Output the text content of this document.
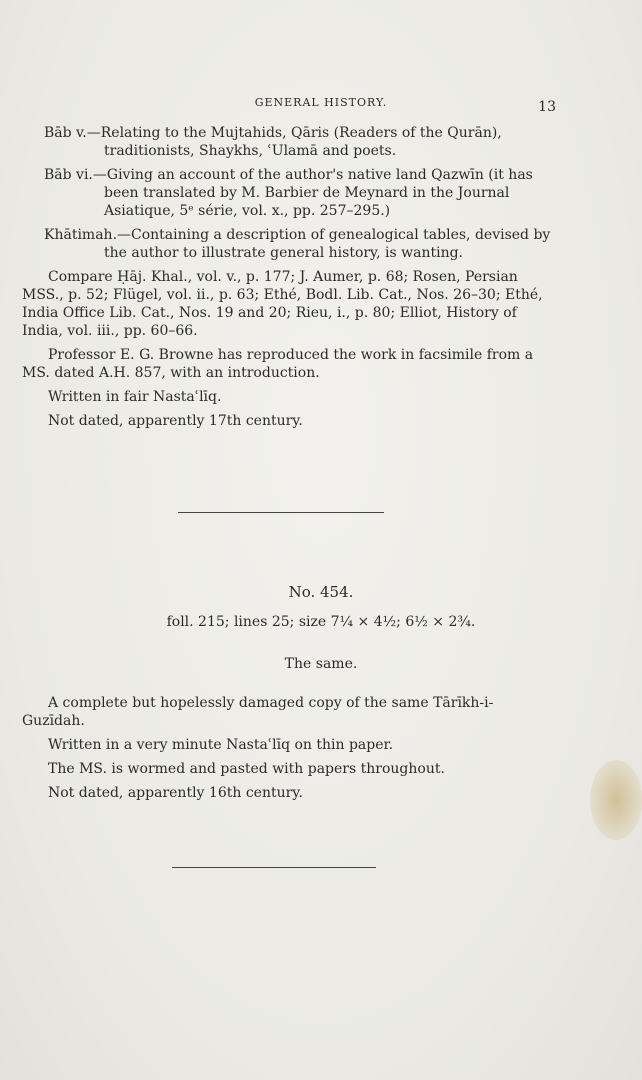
GENERAL HISTORY.	13

Bāb v.—Relating to the Mujtahids, Qāris (Readers of the Qurān), traditionists, Shaykhs, ʿUlamā and poets.

Bāb vi.—Giving an account of the author's native land Qazwīn (it has been translated by M. Barbier de Meynard in the Journal Asiatique, 5ᵉ série, vol. x., pp. 257–295.)

Khātimah.—Containing a description of genealogical tables, devised by the author to illustrate general history, is wanting.

Compare Ḥāj. Khal., vol. v., p. 177; J. Aumer, p. 68; Rosen, Persian MSS., p. 52; Flügel, vol. ii., p. 63; Ethé, Bodl. Lib. Cat., Nos. 26–30; Ethé, India Office Lib. Cat., Nos. 19 and 20; Rieu, i., p. 80; Elliot, History of India, vol. iii., pp. 60–66.

Professor E. G. Browne has reproduced the work in facsimile from a MS. dated A.H. 857, with an introduction.

Written in fair Nastaʿlīq.

Not dated, apparently 17th century.

No. 454.
foll. 215; lines 25; size 7¼ × 4½; 6½ × 2¾.
The same.

A complete but hopelessly damaged copy of the same Tārīkh-i-Guzīdah.

Written in a very minute Nastaʿlīq on thin paper.

The MS. is wormed and pasted with papers throughout.

Not dated, apparently 16th century.
